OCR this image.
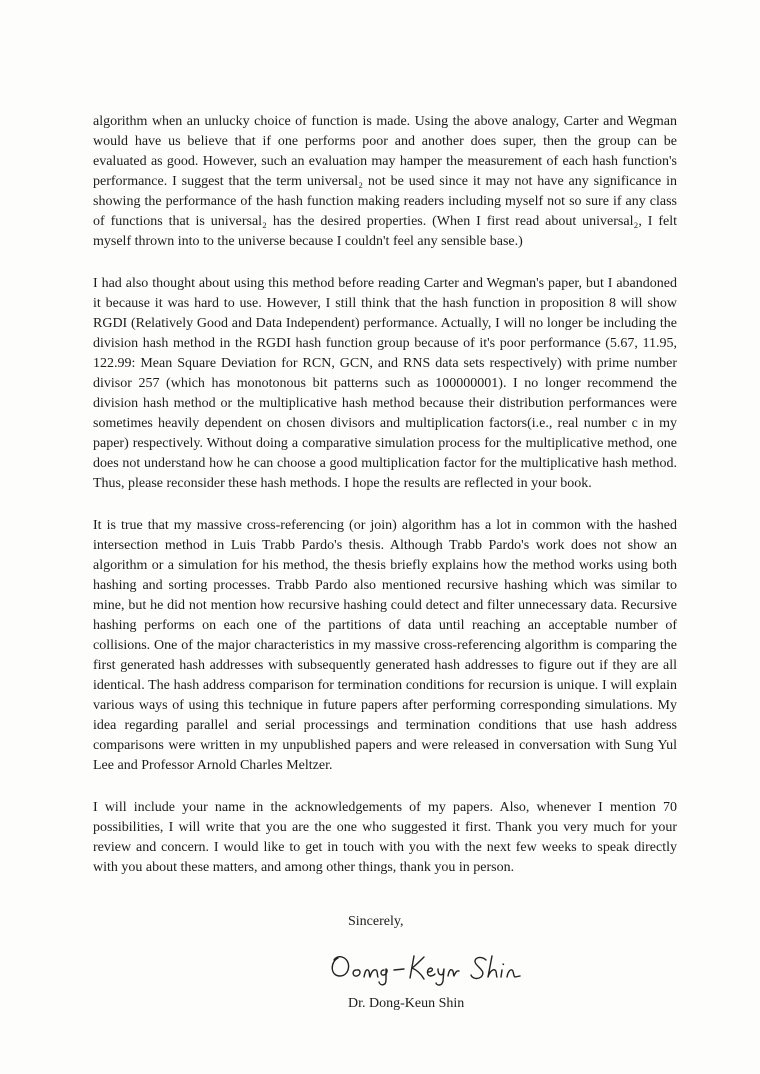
algorithm when an unlucky choice of function is made. Using the above analogy, Carter and Wegman would have us believe that if one performs poor and another does super, then the group can be evaluated as good. However, such an evaluation may hamper the measurement of each hash function's performance. I suggest that the term universal₂ not be used since it may not have any significance in showing the performance of the hash function making readers including myself not so sure if any class of functions that is universal₂ has the desired properties. (When I first read about universal₂, I felt myself thrown into to the universe because I couldn't feel any sensible base.)

I had also thought about using this method before reading Carter and Wegman's paper, but I abandoned it because it was hard to use. However, I still think that the hash function in proposition 8 will show RGDI (Relatively Good and Data Independent) performance. Actually, I will no longer be including the division hash method in the RGDI hash function group because of it's poor performance (5.67, 11.95, 122.99: Mean Square Deviation for RCN, GCN, and RNS data sets respectively) with prime number divisor 257 (which has monotonous bit patterns such as 100000001). I no longer recommend the division hash method or the multiplicative hash method because their distribution performances were sometimes heavily dependent on chosen divisors and multiplication factors(i.e., real number c in my paper) respectively. Without doing a comparative simulation process for the multiplicative method, one does not understand how he can choose a good multiplication factor for the multiplicative hash method. Thus, please reconsider these hash methods. I hope the results are reflected in your book.

It is true that my massive cross-referencing (or join) algorithm has a lot in common with the hashed intersection method in Luis Trabb Pardo's thesis. Although Trabb Pardo's work does not show an algorithm or a simulation for his method, the thesis briefly explains how the method works using both hashing and sorting processes. Trabb Pardo also mentioned recursive hashing which was similar to mine, but he did not mention how recursive hashing could detect and filter unnecessary data. Recursive hashing performs on each one of the partitions of data until reaching an acceptable number of collisions. One of the major characteristics in my massive cross-referencing algorithm is comparing the first generated hash addresses with subsequently generated hash addresses to figure out if they are all identical. The hash address comparison for termination conditions for recursion is unique. I will explain various ways of using this technique in future papers after performing corresponding simulations. My idea regarding parallel and serial processings and termination conditions that use hash address comparisons were written in my unpublished papers and were released in conversation with Sung Yul Lee and Professor Arnold Charles Meltzer.

I will include your name in the acknowledgements of my papers. Also, whenever I mention 70 possibilities, I will write that you are the one who suggested it first. Thank you very much for your review and concern. I would like to get in touch with you with the next few weeks to speak directly with you about these matters, and among other things, thank you in person.

Sincerely,

Dr. Dong-Keun Shin
